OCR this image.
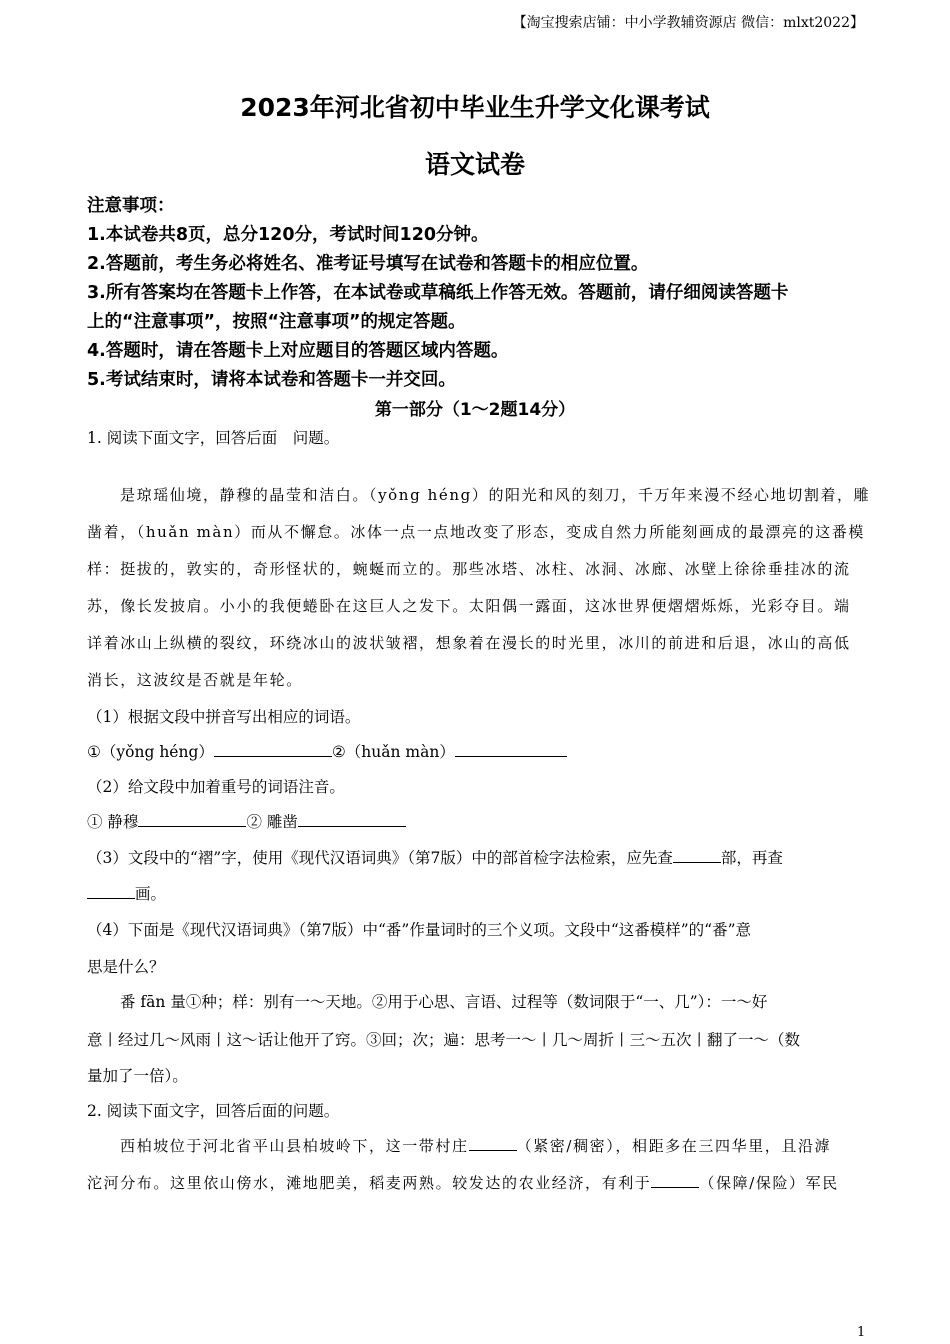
【淘宝搜索店铺：中小学教辅资源店 微信：mlxt2022】
2023年河北省初中毕业生升学文化课考试
语文试卷
注意事项：
1.本试卷共8页，总分120分，考试时间120分钟。
2.答题前，考生务必将姓名、准考证号填写在试卷和答题卡的相应位置。
3.所有答案均在答题卡上作答，在本试卷或草稿纸上作答无效。答题前，请仔细阅读答题卡
上的“注意事项”，按照“注意事项”的规定答题。
4.答题时，请在答题卡上对应题目的答题区域内答题。
5.考试结束时，请将本试卷和答题卡一并交回。
第一部分（1～2题14分）
1. 阅读下面文字，回答后面　问题。
是琼瑶仙境，静穆的晶莹和洁白。（yǒng héng）的阳光和风的刻刀，千万年来漫不经心地切割着，雕
凿着，（huǎn màn）而从不懈怠。冰体一点一点地改变了形态，变成自然力所能刻画成的最漂亮的这番模
样：挺拔的，敦实的，奇形怪状的，蜿蜒而立的。那些冰塔、冰柱、冰洞、冰廊、冰壁上徐徐垂挂冰的流
苏，像长发披肩。小小的我便蜷卧在这巨人之发下。太阳偶一露面，这冰世界便熠熠烁烁，光彩夺目。端
详着冰山上纵横的裂纹，环绕冰山的波状皱褶，想象着在漫长的时光里，冰川的前进和后退，冰山的高低
消长，这波纹是否就是年轮。
（1）根据文段中拼音写出相应的词语。
①（yǒng héng）	②（huǎn màn）
（2）给文段中加着重号的词语注音。
① 静穆	② 雕凿
（3）文段中的“褶”字，使用《现代汉语词典》（第7版）中的部首检字法检索，应先查	部，再查
画。
（4）下面是《现代汉语词典》（第7版）中“番”作量词时的三个义项。文段中“这番模样”的“番”意
思是什么？
番 fān 量①种；样：别有一～天地。②用于心思、言语、过程等（数词限于“一、几”）：一～好
意丨经过几～风雨丨这～话让他开了窍。③回；次；遍：思考一～丨几～周折丨三～五次丨翻了一～（数
量加了一倍）。
2. 阅读下面文字，回答后面的问题。
西柏坡位于河北省平山县柏坡岭下，这一带村庄	（紧密/稠密），相距多在三四华里，且沿滹
沱河分布。这里依山傍水，滩地肥美，稻麦两熟。较发达的农业经济，有利于	（保障/保险）军民
1
